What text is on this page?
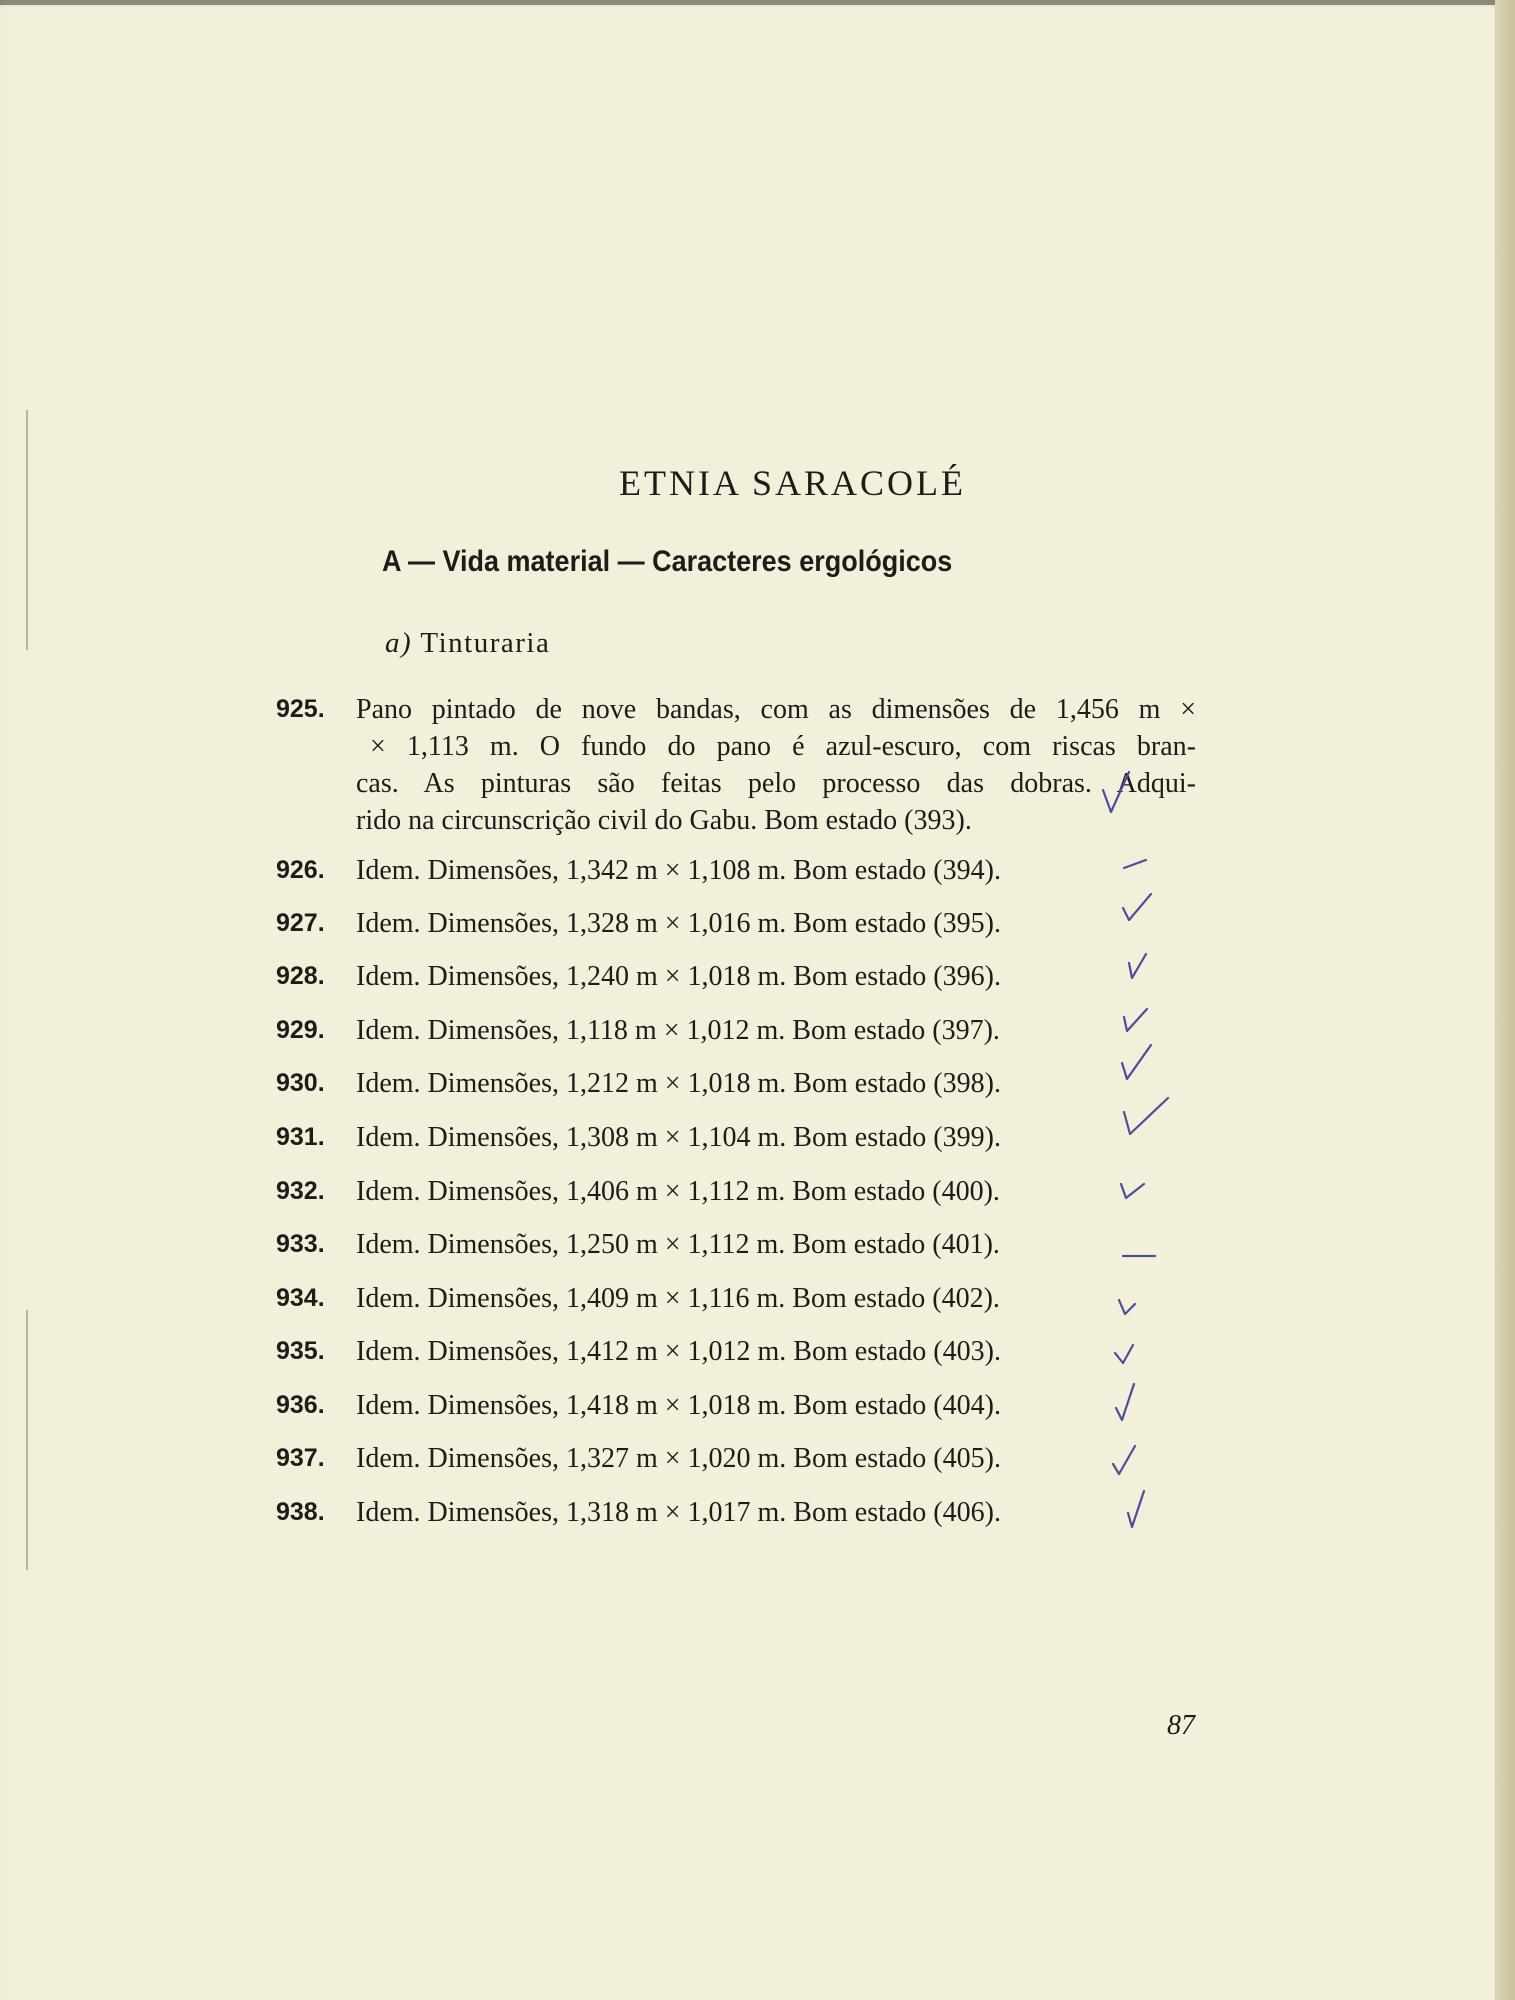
ETNIA SARACOLÉ
A — Vida material — Caracteres ergológicos
a) Tinturaria
925. Pano pintado de nove bandas, com as dimensões de 1,456 m ×
× 1,113 m. O fundo do pano é azul-escuro, com riscas bran-
cas. As pinturas são feitas pelo processo das dobras. Adqui-
rido na circunscrição civil do Gabu. Bom estado (393).
926. Idem. Dimensões, 1,342 m × 1,108 m. Bom estado (394).
927. Idem. Dimensões, 1,328 m × 1,016 m. Bom estado (395).
928. Idem. Dimensões, 1,240 m × 1,018 m. Bom estado (396).
929. Idem. Dimensões, 1,118 m × 1,012 m. Bom estado (397).
930. Idem. Dimensões, 1,212 m × 1,018 m. Bom estado (398).
931. Idem. Dimensões, 1,308 m × 1,104 m. Bom estado (399).
932. Idem. Dimensões, 1,406 m × 1,112 m. Bom estado (400).
933. Idem. Dimensões, 1,250 m × 1,112 m. Bom estado (401).
934. Idem. Dimensões, 1,409 m × 1,116 m. Bom estado (402).
935. Idem. Dimensões, 1,412 m × 1,012 m. Bom estado (403).
936. Idem. Dimensões, 1,418 m × 1,018 m. Bom estado (404).
937. Idem. Dimensões, 1,327 m × 1,020 m. Bom estado (405).
938. Idem. Dimensões, 1,318 m × 1,017 m. Bom estado (406).
87
